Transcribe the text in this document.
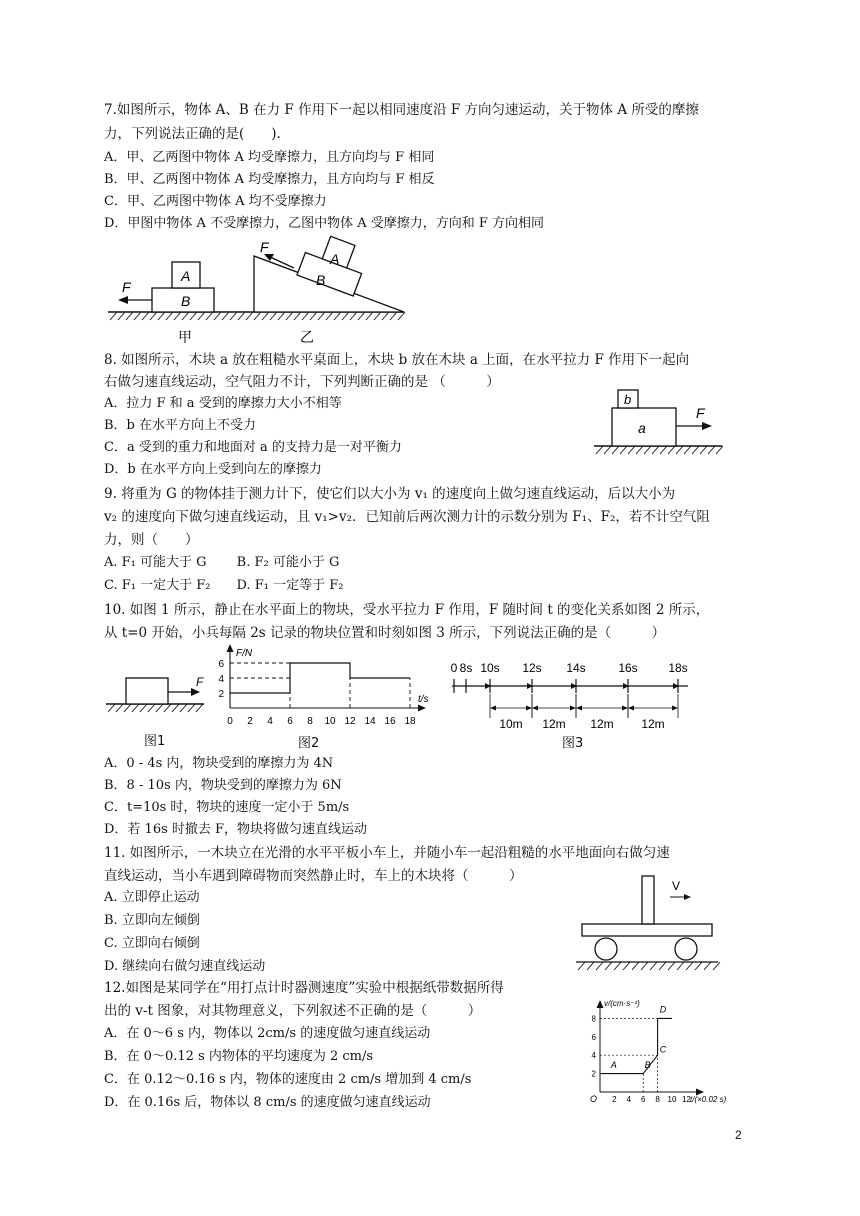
7.如图所示，物体 A、B 在力 F 作用下一起以相同速度沿 F 方向匀速运动，关于物体 A 所受的摩擦
力，下列说法正确的是(　　).
A．甲、乙两图中物体 A 均受摩擦力，且方向均与 F 相同
B．甲、乙两图中物体 A 均受摩擦力，且方向均与 F 相反
C．甲、乙两图中物体 A 均不受摩擦力
D．甲图中物体 A 不受摩擦力，乙图中物体 A 受摩擦力，方向和 F 方向相同
A
B
F	B
A
F
甲	乙
8. 如图所示，木块 a 放在粗糙水平桌面上，木块 b 放在木块 a 上面，在水平拉力 F 作用下一起向
右做匀速直线运动，空气阻力不计，下列判断正确的是 （　　　）
A．拉力 F 和 a 受到的摩擦力大小不相等
B．b 在水平方向上不受力
C．a 受到的重力和地面对 a 的支持力是一对平衡力
D．b 在水平方向上受到向左的摩擦力
b
a
F
9. 将重为 G 的物体挂于测力计下，使它们以大小为 v₁ 的速度向上做匀速直线运动，后以大小为
v₂ 的速度向下做匀速直线运动，且 v₁>v₂．已知前后两次测力计的示数分别为 F₁、F₂，若不计空气阻
力，则（　　）
A. F₁ 可能大于 G　　 B. F₂ 可能小于 G
C. F₁ 一定大于 F₂　　D. F₁ 一定等于 F₂
10. 如图 1 所示，静止在水平面上的物块，受水平拉力 F 作用，F 随时间 t 的变化关系如图 2 所示，
从 t=0 开始，小兵每隔 2s 记录的物块位置和时刻如图 3 所示，下列说法正确的是（　　　）
F
图1
F/N
t/s
0 2 4 6 8 10 12 14 16 18
2
4
6
图2
0 8s 10s 12s 14s	16s	18s
10m 12m 12m 12m
图3
A．0 - 4s 内，物块受到的摩擦力为 4N
B．8 - 10s 内，物块受到的摩擦力为 6N
C．t=10s 时，物块的速度一定小于 5m/s
D．若 16s 时撤去 F，物块将做匀速直线运动
11. 如图所示，一木块立在光滑的水平平板小车上，并随小车一起沿粗糙的水平地面向右做匀速
直线运动，当小车遇到障碍物而突然静止时，车上的木块将（　　　）
A. 立即停止运动
B. 立即向左倾倒
C. 立即向右倾倒
D. 继续向右做匀速直线运动
V
12.如图是某同学在“用打点计时器测速度”实验中根据纸带数据所得
出的 v-t 图象，对其物理意义，下列叙述不正确的是（　　　）
A．在 0～6 s 内，物体以 2cm/s 的速度做匀速直线运动
B．在 0～0.12 s 内物体的平均速度为 2 cm/s
C．在 0.12～0.16 s 内，物体的速度由 2 cm/s 增加到 4 cm/s
D．在 0.16s 后，物体以 8 cm/s 的速度做匀速直线运动
v/(cm·s⁻¹)
t/(×0.02 s)
O 2 4 6 8 10 12
2
4
6
8
A	B
C
D
2
